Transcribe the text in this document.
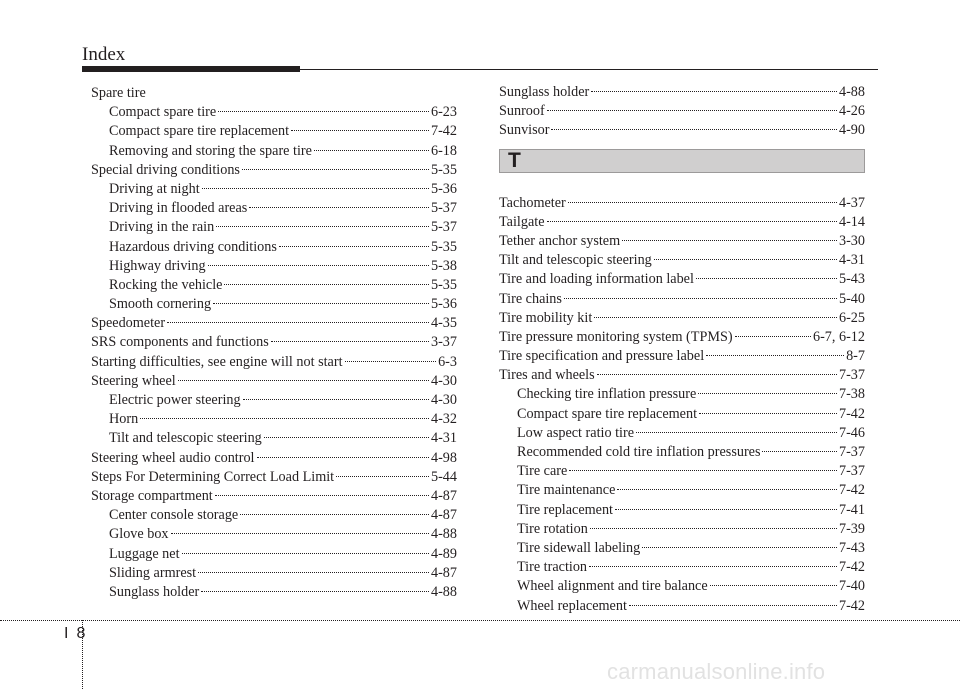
Index
Spare tire
Compact spare tire	6-23
Compact spare tire replacement	7-42
Removing and storing the spare tire	6-18
Special driving conditions	5-35
Driving at night	5-36
Driving in flooded areas	5-37
Driving in the rain	5-37
Hazardous driving conditions	5-35
Highway driving	5-38
Rocking the vehicle	5-35
Smooth cornering	5-36
Speedometer	4-35
SRS components and functions	3-37
Starting difficulties, see engine will not start	6-3
Steering wheel	4-30
Electric power steering	4-30
Horn	4-32
Tilt and telescopic steering	4-31
Steering wheel audio control	4-98
Steps For Determining Correct Load Limit	5-44
Storage compartment	4-87
Center console storage	4-87
Glove box	4-88
Luggage net	4-89
Sliding armrest	4-87
Sunglass holder	4-88
Sunglass holder	4-88
Sunroof	4-26
Sunvisor	4-90
T
Tachometer	4-37
Tailgate	4-14
Tether anchor system	3-30
Tilt and telescopic steering	4-31
Tire and loading information label	5-43
Tire chains	5-40
Tire mobility kit	6-25
Tire pressure monitoring system (TPMS)	6-7, 6-12
Tire specification and pressure label	8-7
Tires and wheels	7-37
Checking tire inflation pressure	7-38
Compact spare tire replacement	7-42
Low aspect ratio tire	7-46
Recommended cold tire inflation pressures	7-37
Tire care	7-37
Tire maintenance	7-42
Tire replacement	7-41
Tire rotation	7-39
Tire sidewall labeling	7-43
Tire traction	7-42
Wheel alignment and tire balance	7-40
Wheel replacement	7-42
I 8
carmanualsonline.info
